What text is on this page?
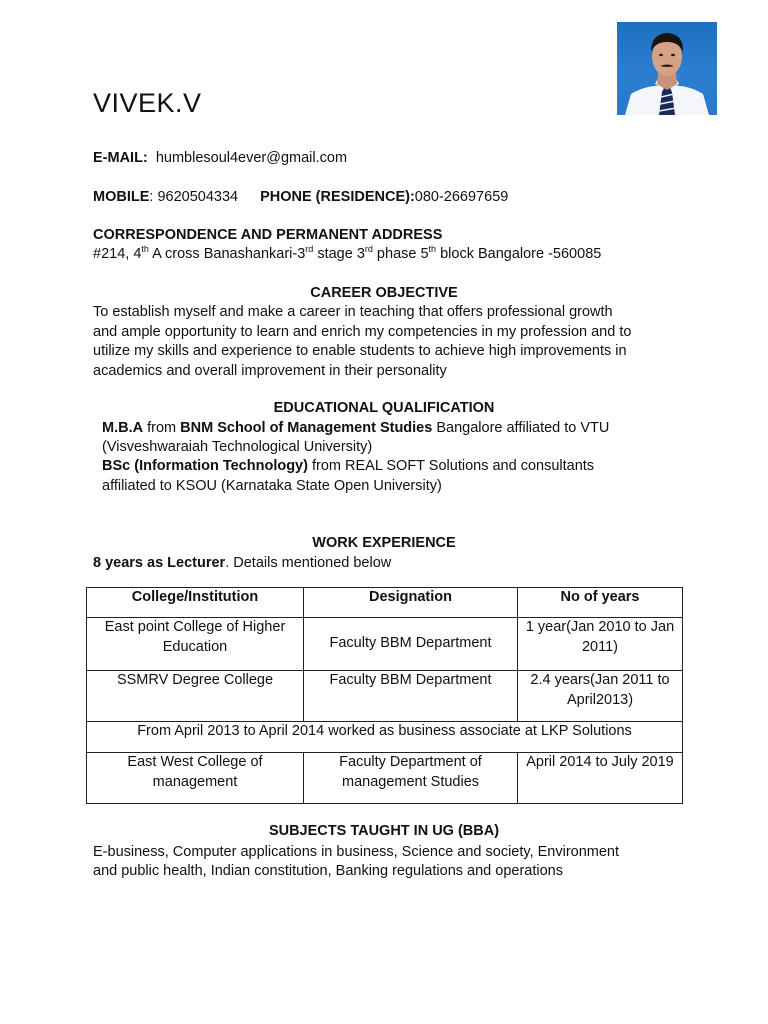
VIVEK.V
E-MAIL: humblesoul4ever@gmail.com
MOBILE: 9620504334 PHONE (RESIDENCE):080-26697659
CORRESPONDENCE AND PERMANENT ADDRESS
#214, 4th A cross Banashankari-3rd stage 3rd phase 5th block Bangalore -560085
CAREER OBJECTIVE
To establish myself and make a career in teaching that offers professional growth
and ample opportunity to learn and enrich my competencies in my profession and to
utilize my skills and experience to enable students to achieve high improvements in
academics and overall improvement in their personality
EDUCATIONAL QUALIFICATION
M.B.A from BNM School of Management Studies Bangalore affiliated to VTU
(Visveshwaraiah Technological University)
BSc (Information Technology) from REAL SOFT Solutions and consultants
affiliated to KSOU (Karnataka State Open University)
WORK EXPERIENCE
8 years as Lecturer. Details mentioned below
College/Institution	Designation	No of years
East point College of Higher Education	Faculty BBM Department	1 year(Jan 2010 to Jan 2011)
SSMRV Degree College	Faculty BBM Department	2.4 years(Jan 2011 to April2013)
From April 2013 to April 2014 worked as business associate at LKP Solutions		
East West College of management	Faculty Department of management Studies	April 2014 to July 2019
SUBJECTS TAUGHT IN UG (BBA)
E-business, Computer applications in business, Science and society, Environment
and public health, Indian constitution, Banking regulations and operations
